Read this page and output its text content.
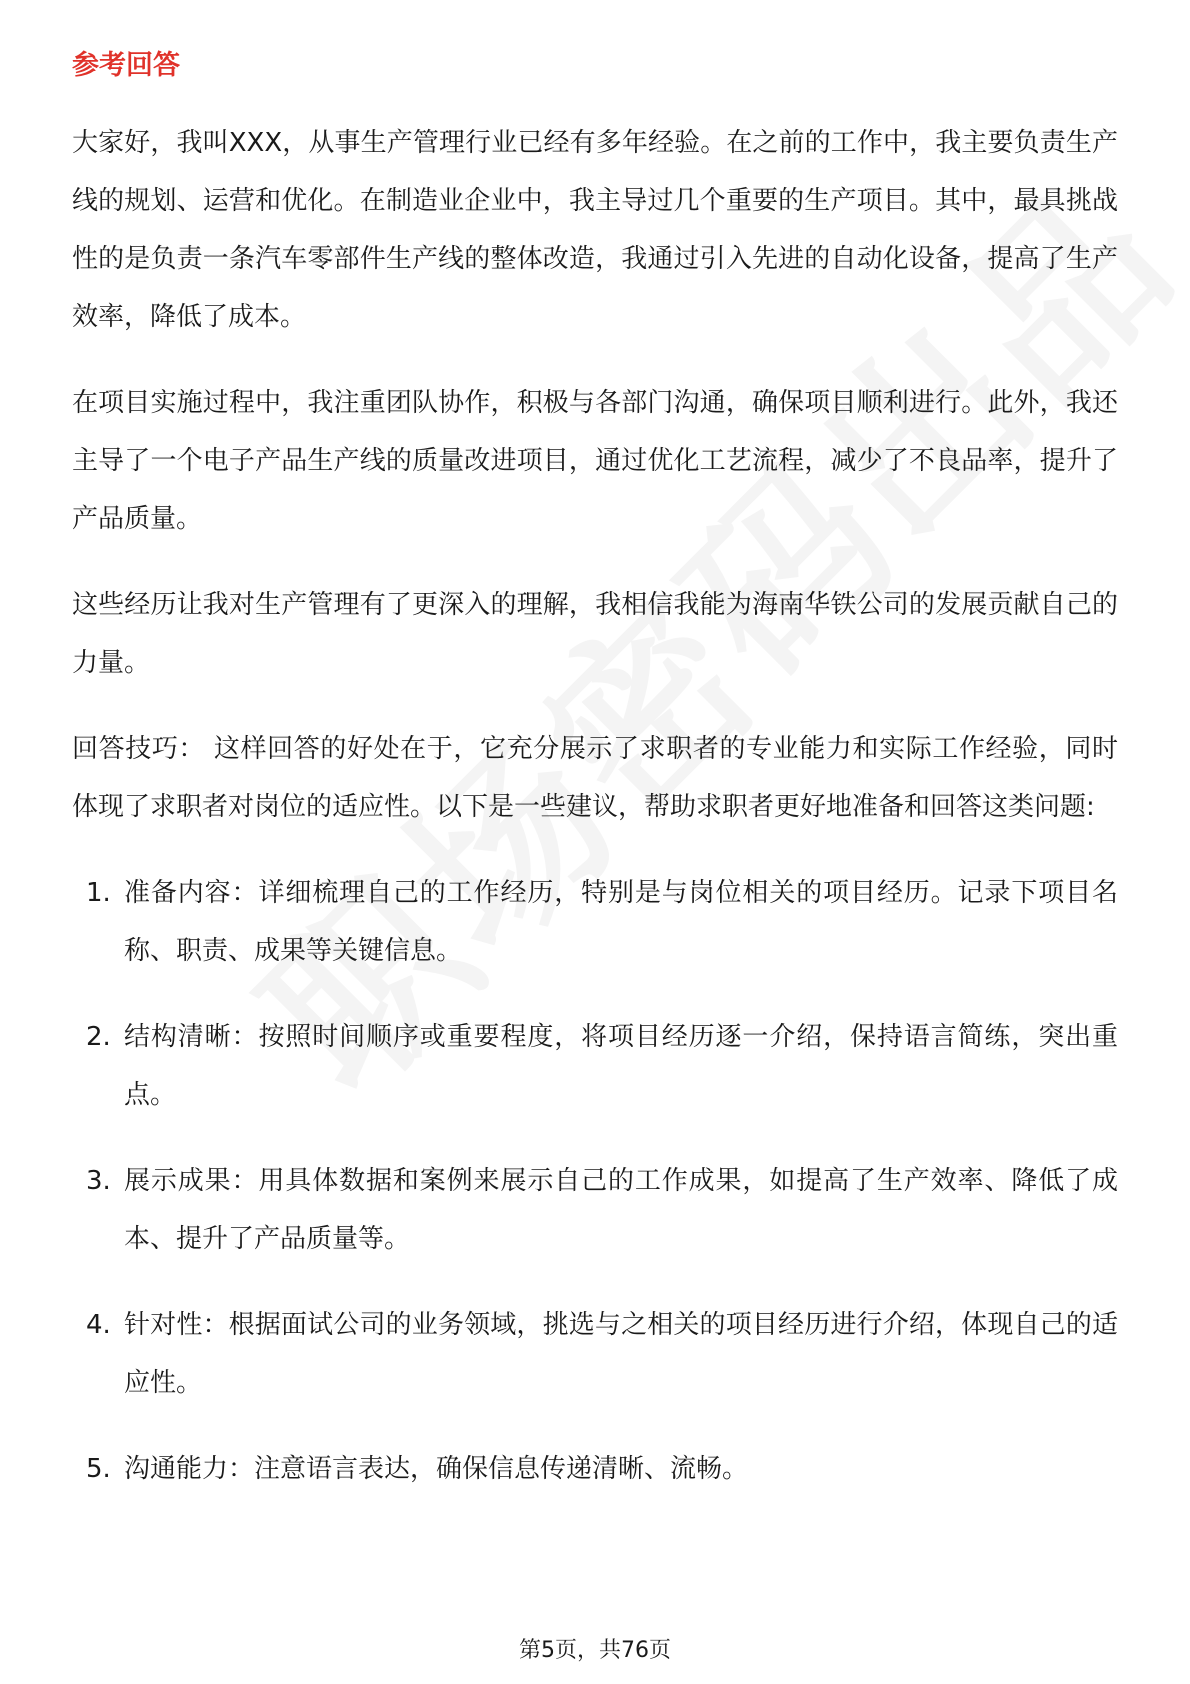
参考回答

大家好，我叫XXX，从事生产管理行业已经有多年经验。在之前的工作中，我主要负责生产线的规划、运营和优化。在制造业企业中，我主导过几个重要的生产项目。其中，最具挑战性的是负责一条汽车零部件生产线的整体改造，我通过引入先进的自动化设备，提高了生产效率，降低了成本。

在项目实施过程中，我注重团队协作，积极与各部门沟通，确保项目顺利进行。此外，我还主导了一个电子产品生产线的质量改进项目，通过优化工艺流程，减少了不良品率，提升了产品质量。

这些经历让我对生产管理有了更深入的理解，我相信我能为海南华铁公司的发展贡献自己的力量。

回答技巧： 这样回答的好处在于，它充分展示了求职者的专业能力和实际工作经验，同时体现了求职者对岗位的适应性。以下是一些建议，帮助求职者更好地准备和回答这类问题:

1. 准备内容：详细梳理自己的工作经历，特别是与岗位相关的项目经历。记录下项目名称、职责、成果等关键信息。
2. 结构清晰：按照时间顺序或重要程度，将项目经历逐一介绍，保持语言简练，突出重点。
3. 展示成果：用具体数据和案例来展示自己的工作成果，如提高了生产效率、降低了成本、提升了产品质量等。
4. 针对性：根据面试公司的业务领域，挑选与之相关的项目经历进行介绍，体现自己的适应性。
5. 沟通能力：注意语言表达，确保信息传递清晰、流畅。
第5页，共76页
